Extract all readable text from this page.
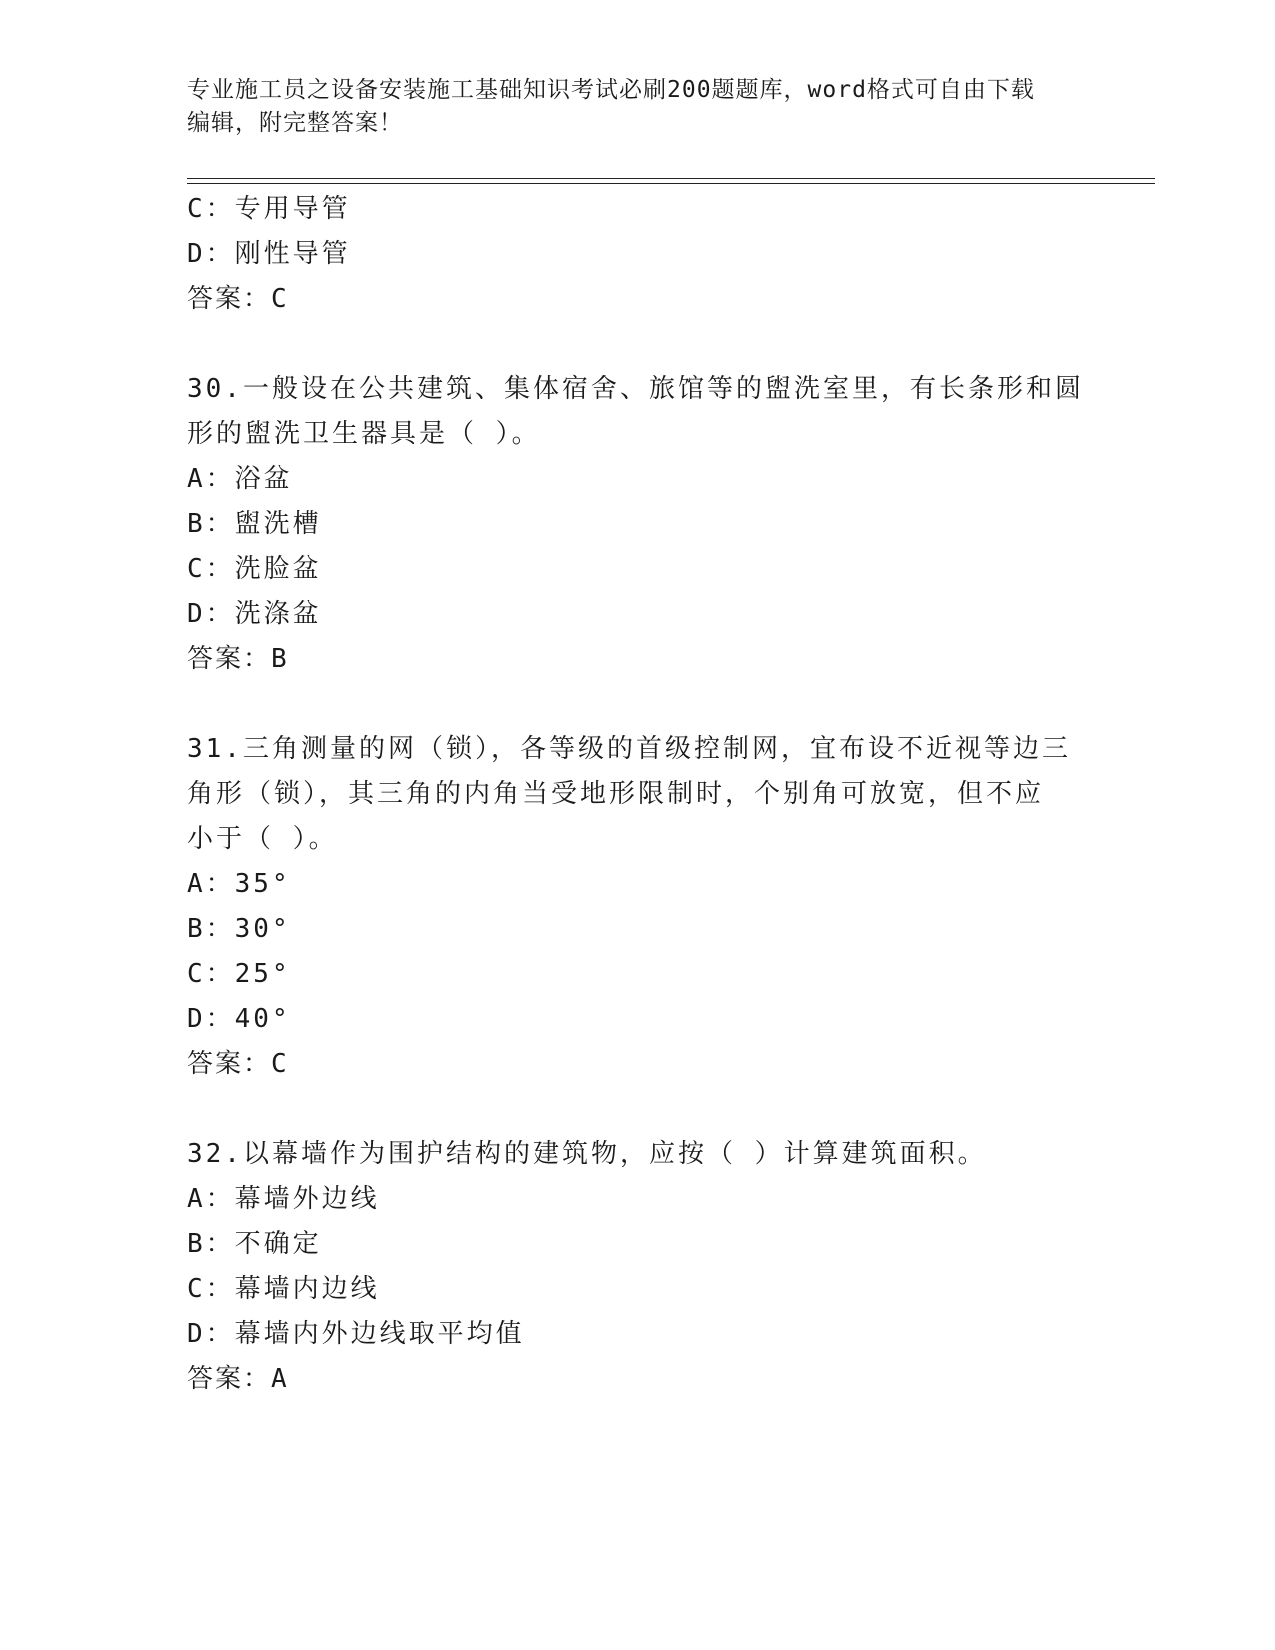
专业施工员之设备安装施工基础知识考试必刷200题题库，word格式可自由下载
编辑，附完整答案！
C：专用导管
D：刚性导管
答案：C
30.一般设在公共建筑、集体宿舍、旅馆等的盥洗室里，有长条形和圆
形的盥洗卫生器具是（ ）。
A：浴盆
B：盥洗槽
C：洗脸盆
D：洗涤盆
答案：B
31.三角测量的网（锁），各等级的首级控制网，宜布设不近视等边三
角形（锁），其三角的内角当受地形限制时，个别角可放宽，但不应
小于（ ）。
A：35°
B：30°
C：25°
D：40°
答案：C
32.以幕墙作为围护结构的建筑物，应按（ ）计算建筑面积。
A：幕墙外边线
B：不确定
C：幕墙内边线
D：幕墙内外边线取平均值
答案：A
